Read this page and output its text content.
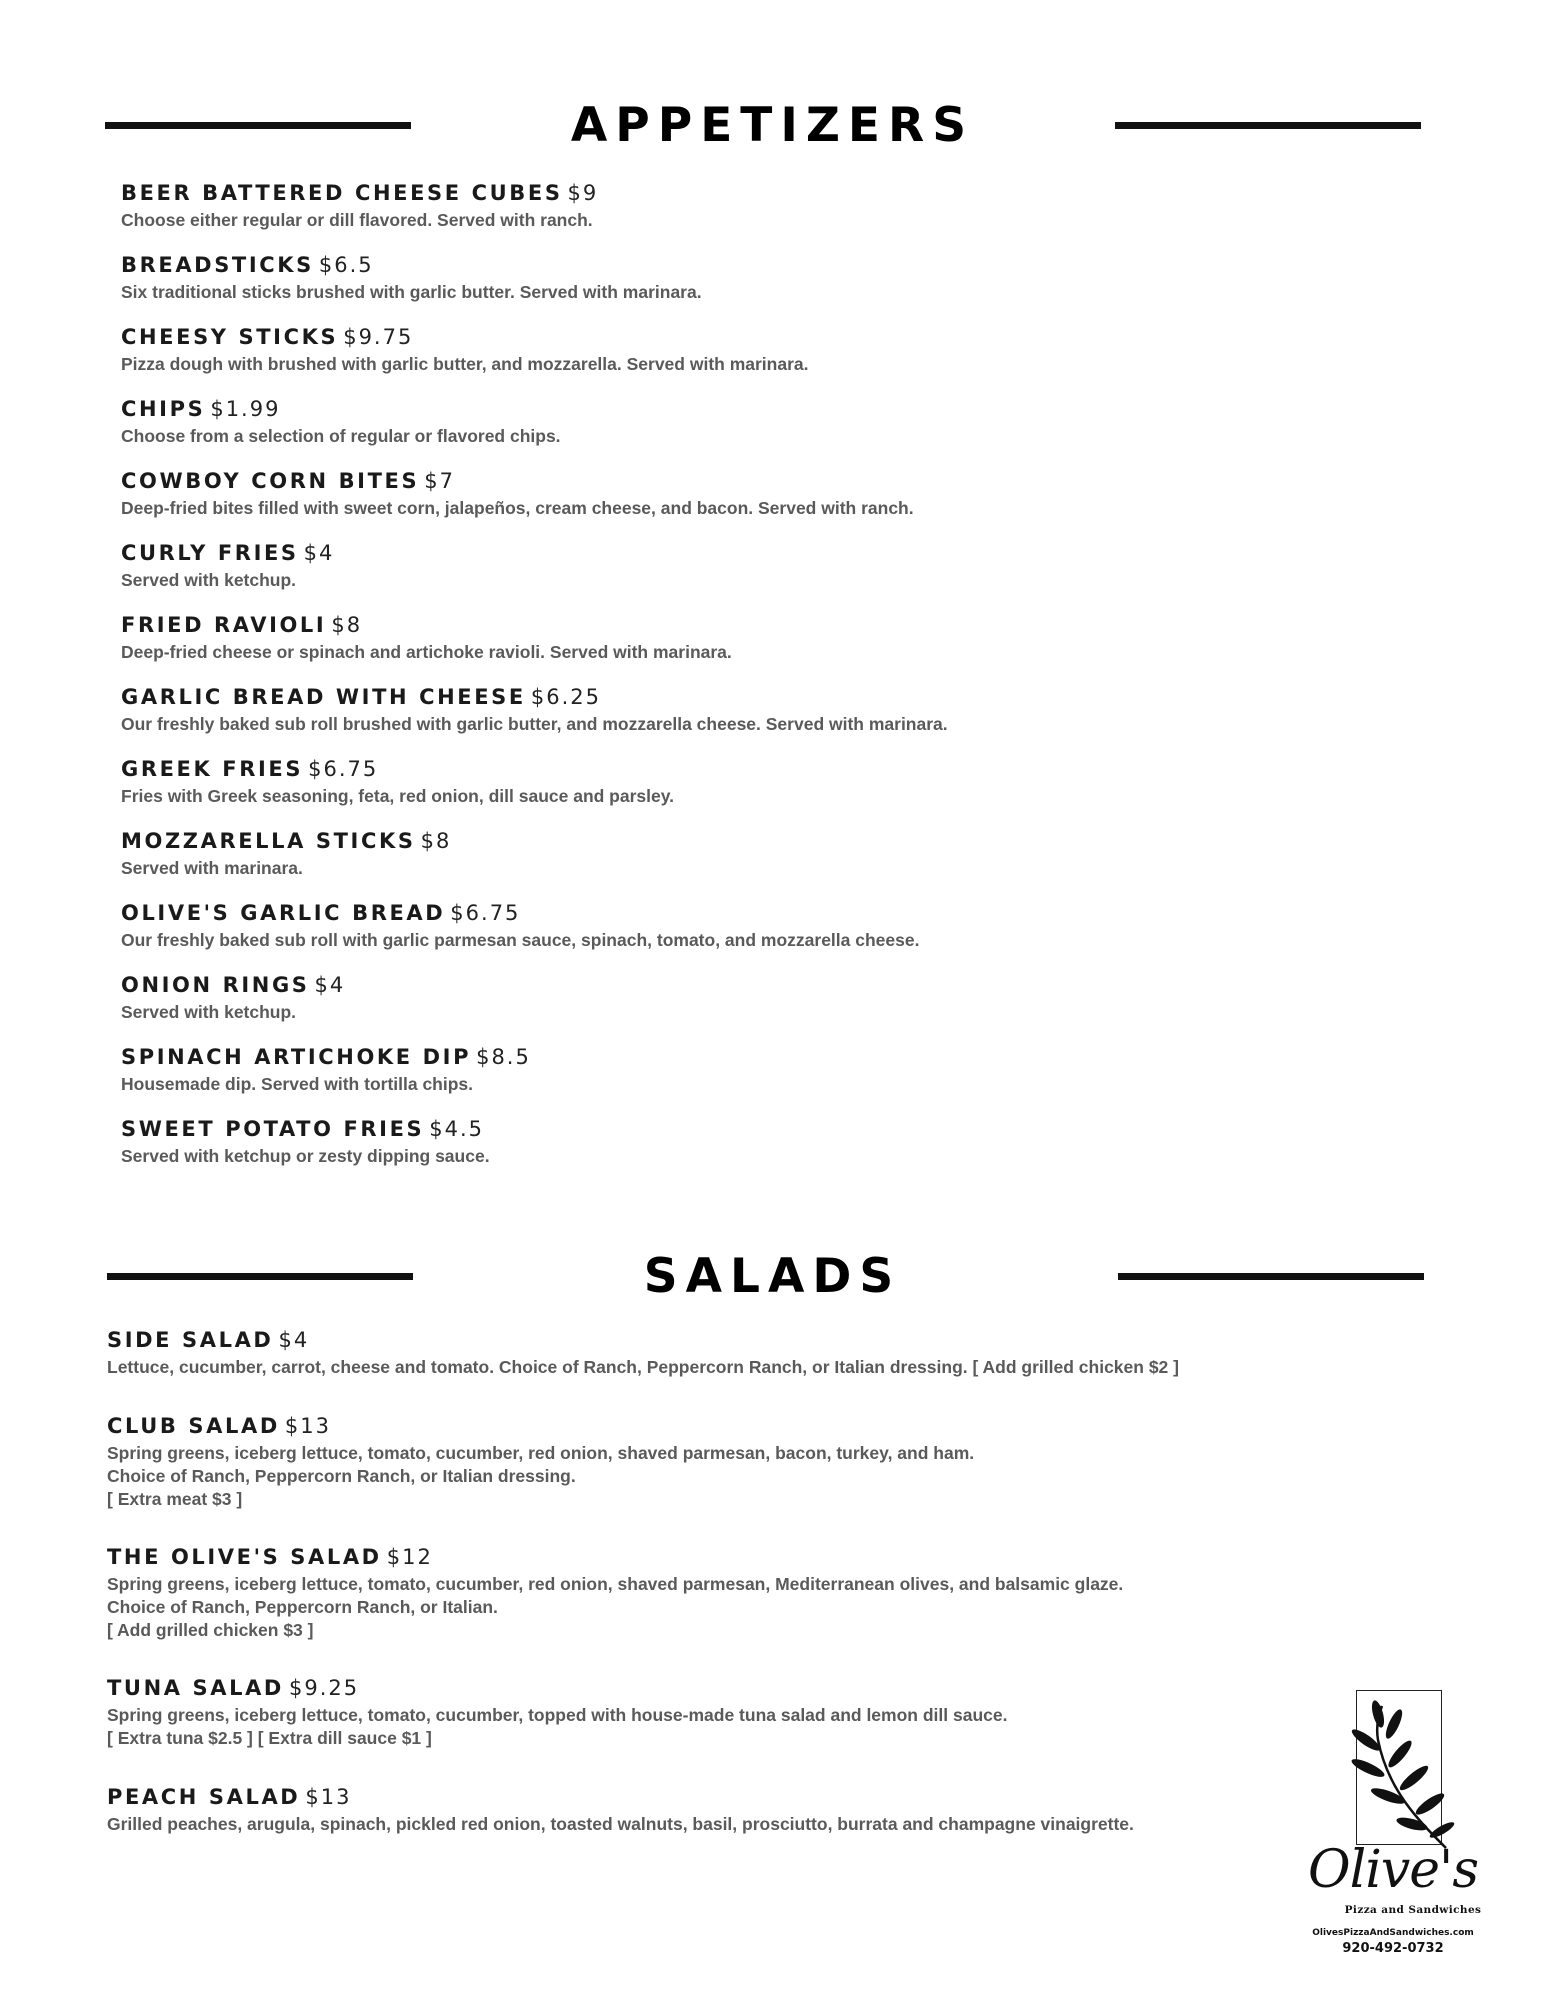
APPETIZERS
BEER BATTERED CHEESE CUBES $9
Choose either regular or dill flavored. Served with ranch.
BREADSTICKS $6.5
Six traditional sticks brushed with garlic butter. Served with marinara.
CHEESY STICKS $9.75
Pizza dough with brushed with garlic butter, and mozzarella. Served with marinara.
CHIPS $1.99
Choose from a selection of regular or flavored chips.
COWBOY CORN BITES $7
Deep-fried bites filled with sweet corn, jalapeños, cream cheese, and bacon. Served with ranch.
CURLY FRIES $4
Served with ketchup.
FRIED RAVIOLI $8
Deep-fried cheese or spinach and artichoke ravioli. Served with marinara.
GARLIC BREAD WITH CHEESE $6.25
Our freshly baked sub roll brushed with garlic butter, and mozzarella cheese. Served with marinara.
GREEK FRIES $6.75
Fries with Greek seasoning, feta, red onion, dill sauce and parsley.
MOZZARELLA STICKS $8
Served with marinara.
OLIVE'S GARLIC BREAD $6.75
Our freshly baked sub roll with garlic parmesan sauce, spinach, tomato, and mozzarella cheese.
ONION RINGS $4
Served with ketchup.
SPINACH ARTICHOKE DIP $8.5
Housemade dip. Served with tortilla chips.
SWEET POTATO FRIES $4.5
Served with ketchup or zesty dipping sauce.
SALADS
SIDE SALAD $4
Lettuce, cucumber, carrot, cheese and tomato. Choice of Ranch, Peppercorn Ranch, or Italian dressing. [ Add grilled chicken $2 ]
CLUB SALAD $13
Spring greens, iceberg lettuce, tomato, cucumber, red onion, shaved parmesan, bacon, turkey, and ham.
Choice of Ranch, Peppercorn Ranch, or Italian dressing.
[ Extra meat $3 ]
THE OLIVE'S SALAD $12
Spring greens, iceberg lettuce, tomato, cucumber, red onion, shaved parmesan, Mediterranean olives, and balsamic glaze.
Choice of Ranch, Peppercorn Ranch, or Italian.
[ Add grilled chicken $3 ]
TUNA SALAD $9.25
Spring greens, iceberg lettuce, tomato, cucumber, topped with house-made tuna salad and lemon dill sauce.
[ Extra tuna $2.5 ] [ Extra dill sauce $1 ]
PEACH SALAD $13
Grilled peaches, arugula, spinach, pickled red onion, toasted walnuts, basil, prosciutto, burrata and champagne vinaigrette.
Olive's
Pizza and Sandwiches
OlivesPizzaAndSandwiches.com
920-492-0732
